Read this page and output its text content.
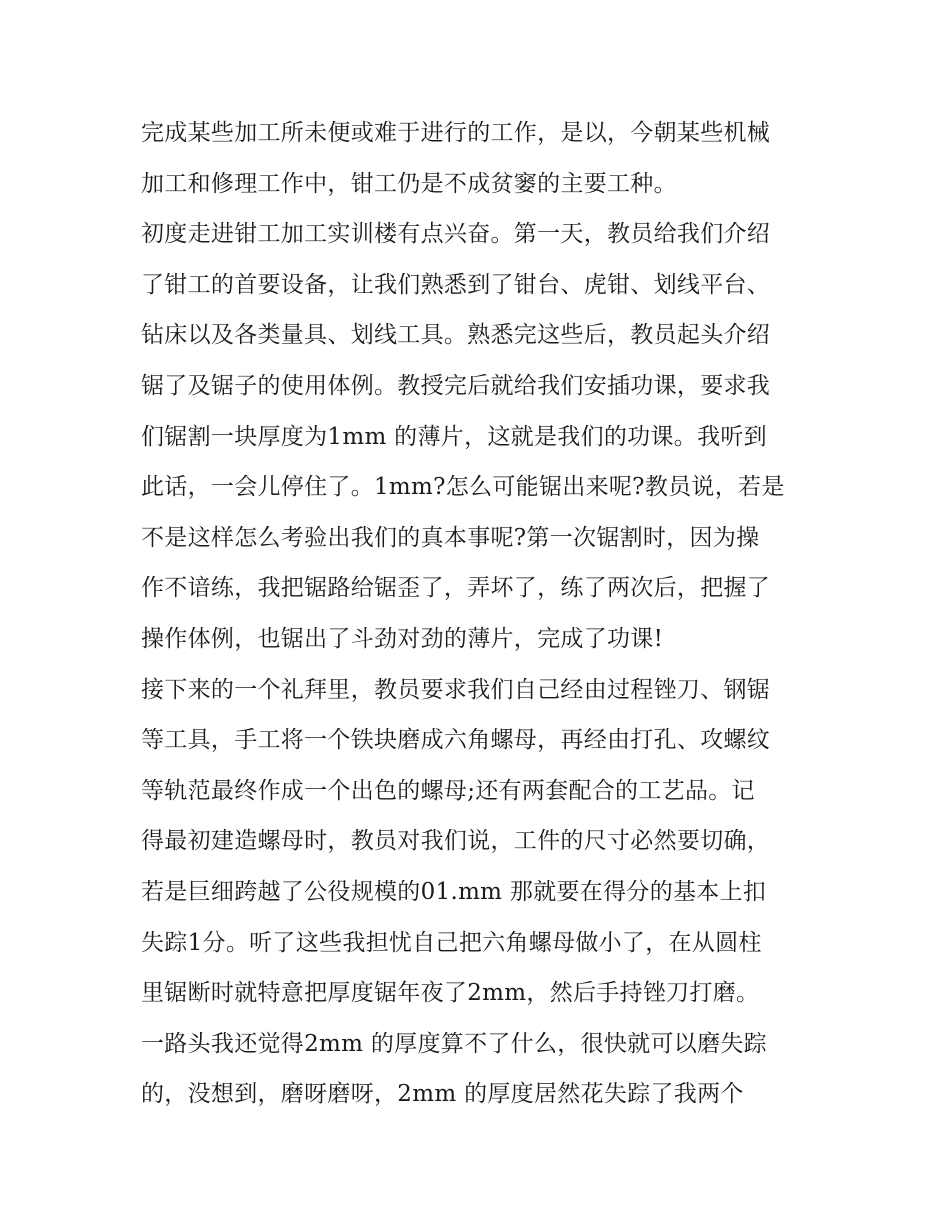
完成某些加工所未便或难于进行的工作，是以，今朝某些机械
加工和修理工作中，钳工仍是不成贫窭的主要工种。
初度走进钳工加工实训楼有点兴奋。第一天，教员给我们介绍
了钳工的首要设备，让我们熟悉到了钳台、虎钳、划线平台、
钻床以及各类量具、划线工具。熟悉完这些后，教员起头介绍
锯了及锯子的使用体例。教授完后就给我们安插功课，要求我
们锯割一块厚度为1mm 的薄片，这就是我们的功课。我听到
此话，一会儿停住了。1mm?怎么可能锯出来呢?教员说，若是
不是这样怎么考验出我们的真本事呢?第一次锯割时，因为操
作不谙练，我把锯路给锯歪了，弄坏了，练了两次后，把握了
操作体例，也锯出了斗劲对劲的薄片，完成了功课!
接下来的一个礼拜里，教员要求我们自己经由过程锉刀、钢锯
等工具，手工将一个铁块磨成六角螺母，再经由打孔、攻螺纹
等轨范最终作成一个出色的螺母;还有两套配合的工艺品。记
得最初建造螺母时，教员对我们说，工件的尺寸必然要切确，
若是巨细跨越了公役规模的01.mm 那就要在得分的基本上扣
失踪1分。听了这些我担忧自己把六角螺母做小了，在从圆柱
里锯断时就特意把厚度锯年夜了2mm，然后手持锉刀打磨。
一路头我还觉得2mm 的厚度算不了什么，很快就可以磨失踪
的，没想到，磨呀磨呀，2mm 的厚度居然花失踪了我两个
